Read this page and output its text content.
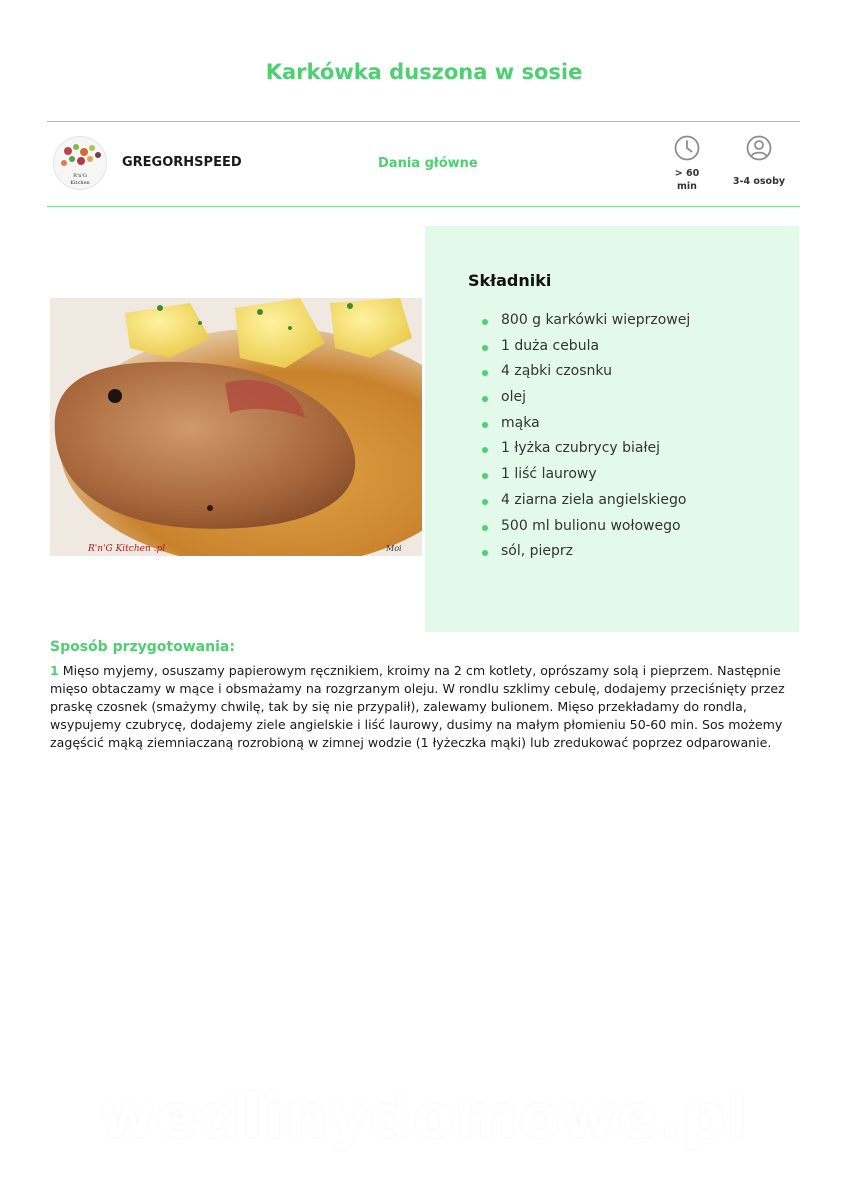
Karkówka duszona w sosie
R'n'G
Kitchen
GREGORHSPEED	Dania główne
> 60
min	3-4 osoby
R'n'G Kitchen .pl	Moi
Składniki
800 g karkówki wieprzowej
1 duża cebula
4 ząbki czosnku
olej
mąka
1 łyżka czubrycy białej
1 liść laurowy
4 ziarna ziela angielskiego
500 ml bulionu wołowego
sól, pieprz
Sposób przygotowania:
1 Mięso myjemy, osuszamy papierowym ręcznikiem, kroimy na 2 cm kotlety, oprószamy solą i pieprzem. Następnie mięso obtaczamy w mące i obsmażamy na rozgrzanym oleju. W rondlu szklimy cebulę, dodajemy przeciśnięty przez praskę czosnek (smażymy chwilę, tak by się nie przypalił), zalewamy bulionem. Mięso przekładamy do rondla, wsypujemy czubrycę, dodajemy ziele angielskie i liść laurowy, dusimy na małym płomieniu 50-60 min. Sos możemy zagęścić mąką ziemniaczaną rozrobioną w zimnej wodzie (1 łyżeczka mąki) lub zredukować poprzez odparowanie.
wedlinydomowe.pl
